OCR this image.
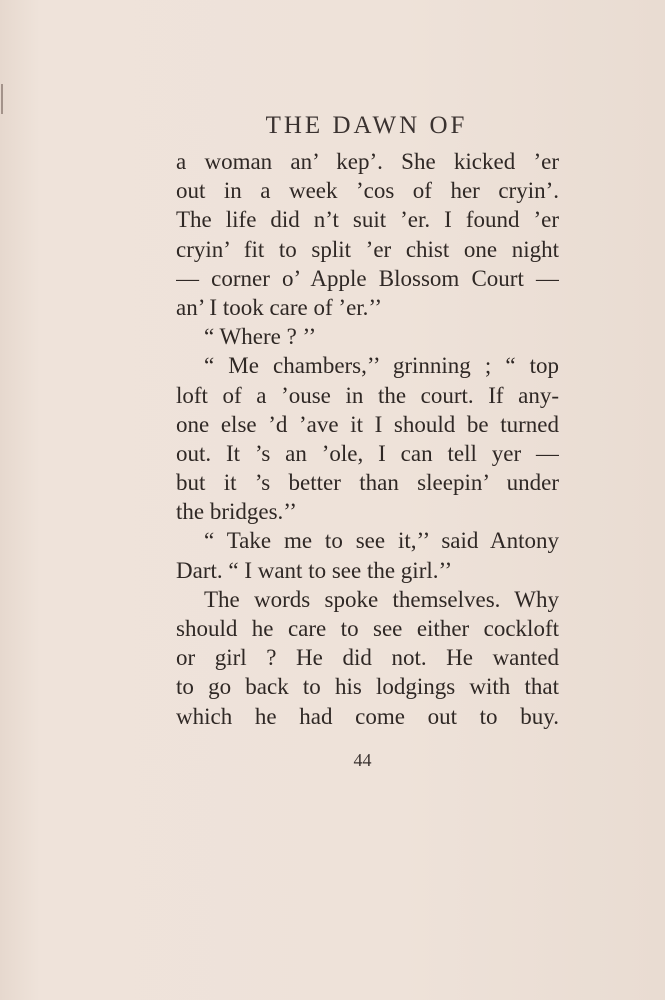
THE DAWN OF
a woman an’ kep’. She kicked ’er
out in a week ’cos of her cryin’.
The life did n’t suit ’er. I found ’er
cryin’ fit to split ’er chist one night
— corner o’ Apple Blossom Court —
an’ I took care of ’er.’’
“ Where ? ’’
“ Me chambers,’’ grinning ; “ top
loft of a ’ouse in the court. If any-
one else ’d ’ave it I should be turned
out. It ’s an ’ole, I can tell yer —
but it ’s better than sleepin’ under
the bridges.’’
“ Take me to see it,’’ said Antony
Dart. “ I want to see the girl.’’
The words spoke themselves. Why
should he care to see either cockloft
or girl ? He did not. He wanted
to go back to his lodgings with that
which he had come out to buy.
44
